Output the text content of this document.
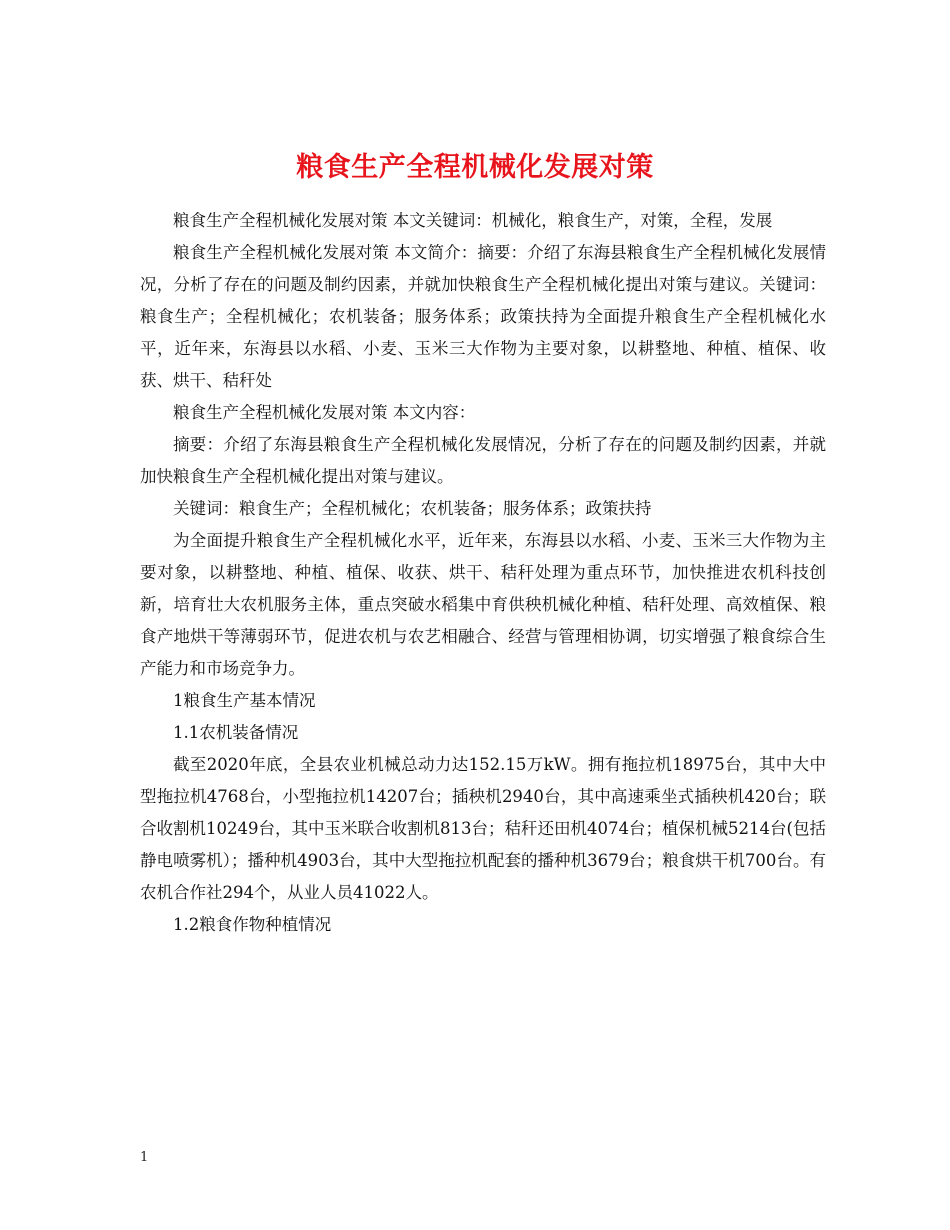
粮食生产全程机械化发展对策

粮食生产全程机械化发展对策 本文关键词：机械化，粮食生产，对策，全程，发展

粮食生产全程机械化发展对策 本文简介：摘要：介绍了东海县粮食生产全程机械化发展情况，分析了存在的问题及制约因素，并就加快粮食生产全程机械化提出对策与建议。关键词：粮食生产；全程机械化；农机装备；服务体系；政策扶持为全面提升粮食生产全程机械化水平，近年来，东海县以水稻、小麦、玉米三大作物为主要对象，以耕整地、种植、植保、收获、烘干、秸秆处

粮食生产全程机械化发展对策 本文内容：

摘要：介绍了东海县粮食生产全程机械化发展情况，分析了存在的问题及制约因素，并就加快粮食生产全程机械化提出对策与建议。

关键词：粮食生产；全程机械化；农机装备；服务体系；政策扶持

为全面提升粮食生产全程机械化水平，近年来，东海县以水稻、小麦、玉米三大作物为主要对象，以耕整地、种植、植保、收获、烘干、秸秆处理为重点环节，加快推进农机科技创新，培育壮大农机服务主体，重点突破水稻集中育供秧机械化种植、秸秆处理、高效植保、粮食产地烘干等薄弱环节，促进农机与农艺相融合、经营与管理相协调，切实增强了粮食综合生产能力和市场竞争力。

1粮食生产基本情况

1.1农机装备情况

截至2020年底，全县农业机械总动力达152.15万kW。拥有拖拉机18975台，其中大中型拖拉机4768台，小型拖拉机14207台；插秧机2940台，其中高速乘坐式插秧机420台；联合收割机10249台，其中玉米联合收割机813台；秸秆还田机4074台；植保机械5214台(包括静电喷雾机）；播种机4903台，其中大型拖拉机配套的播种机3679台；粮食烘干机700台。有农机合作社294个，从业人员41022人。

1.2粮食作物种植情况

1
